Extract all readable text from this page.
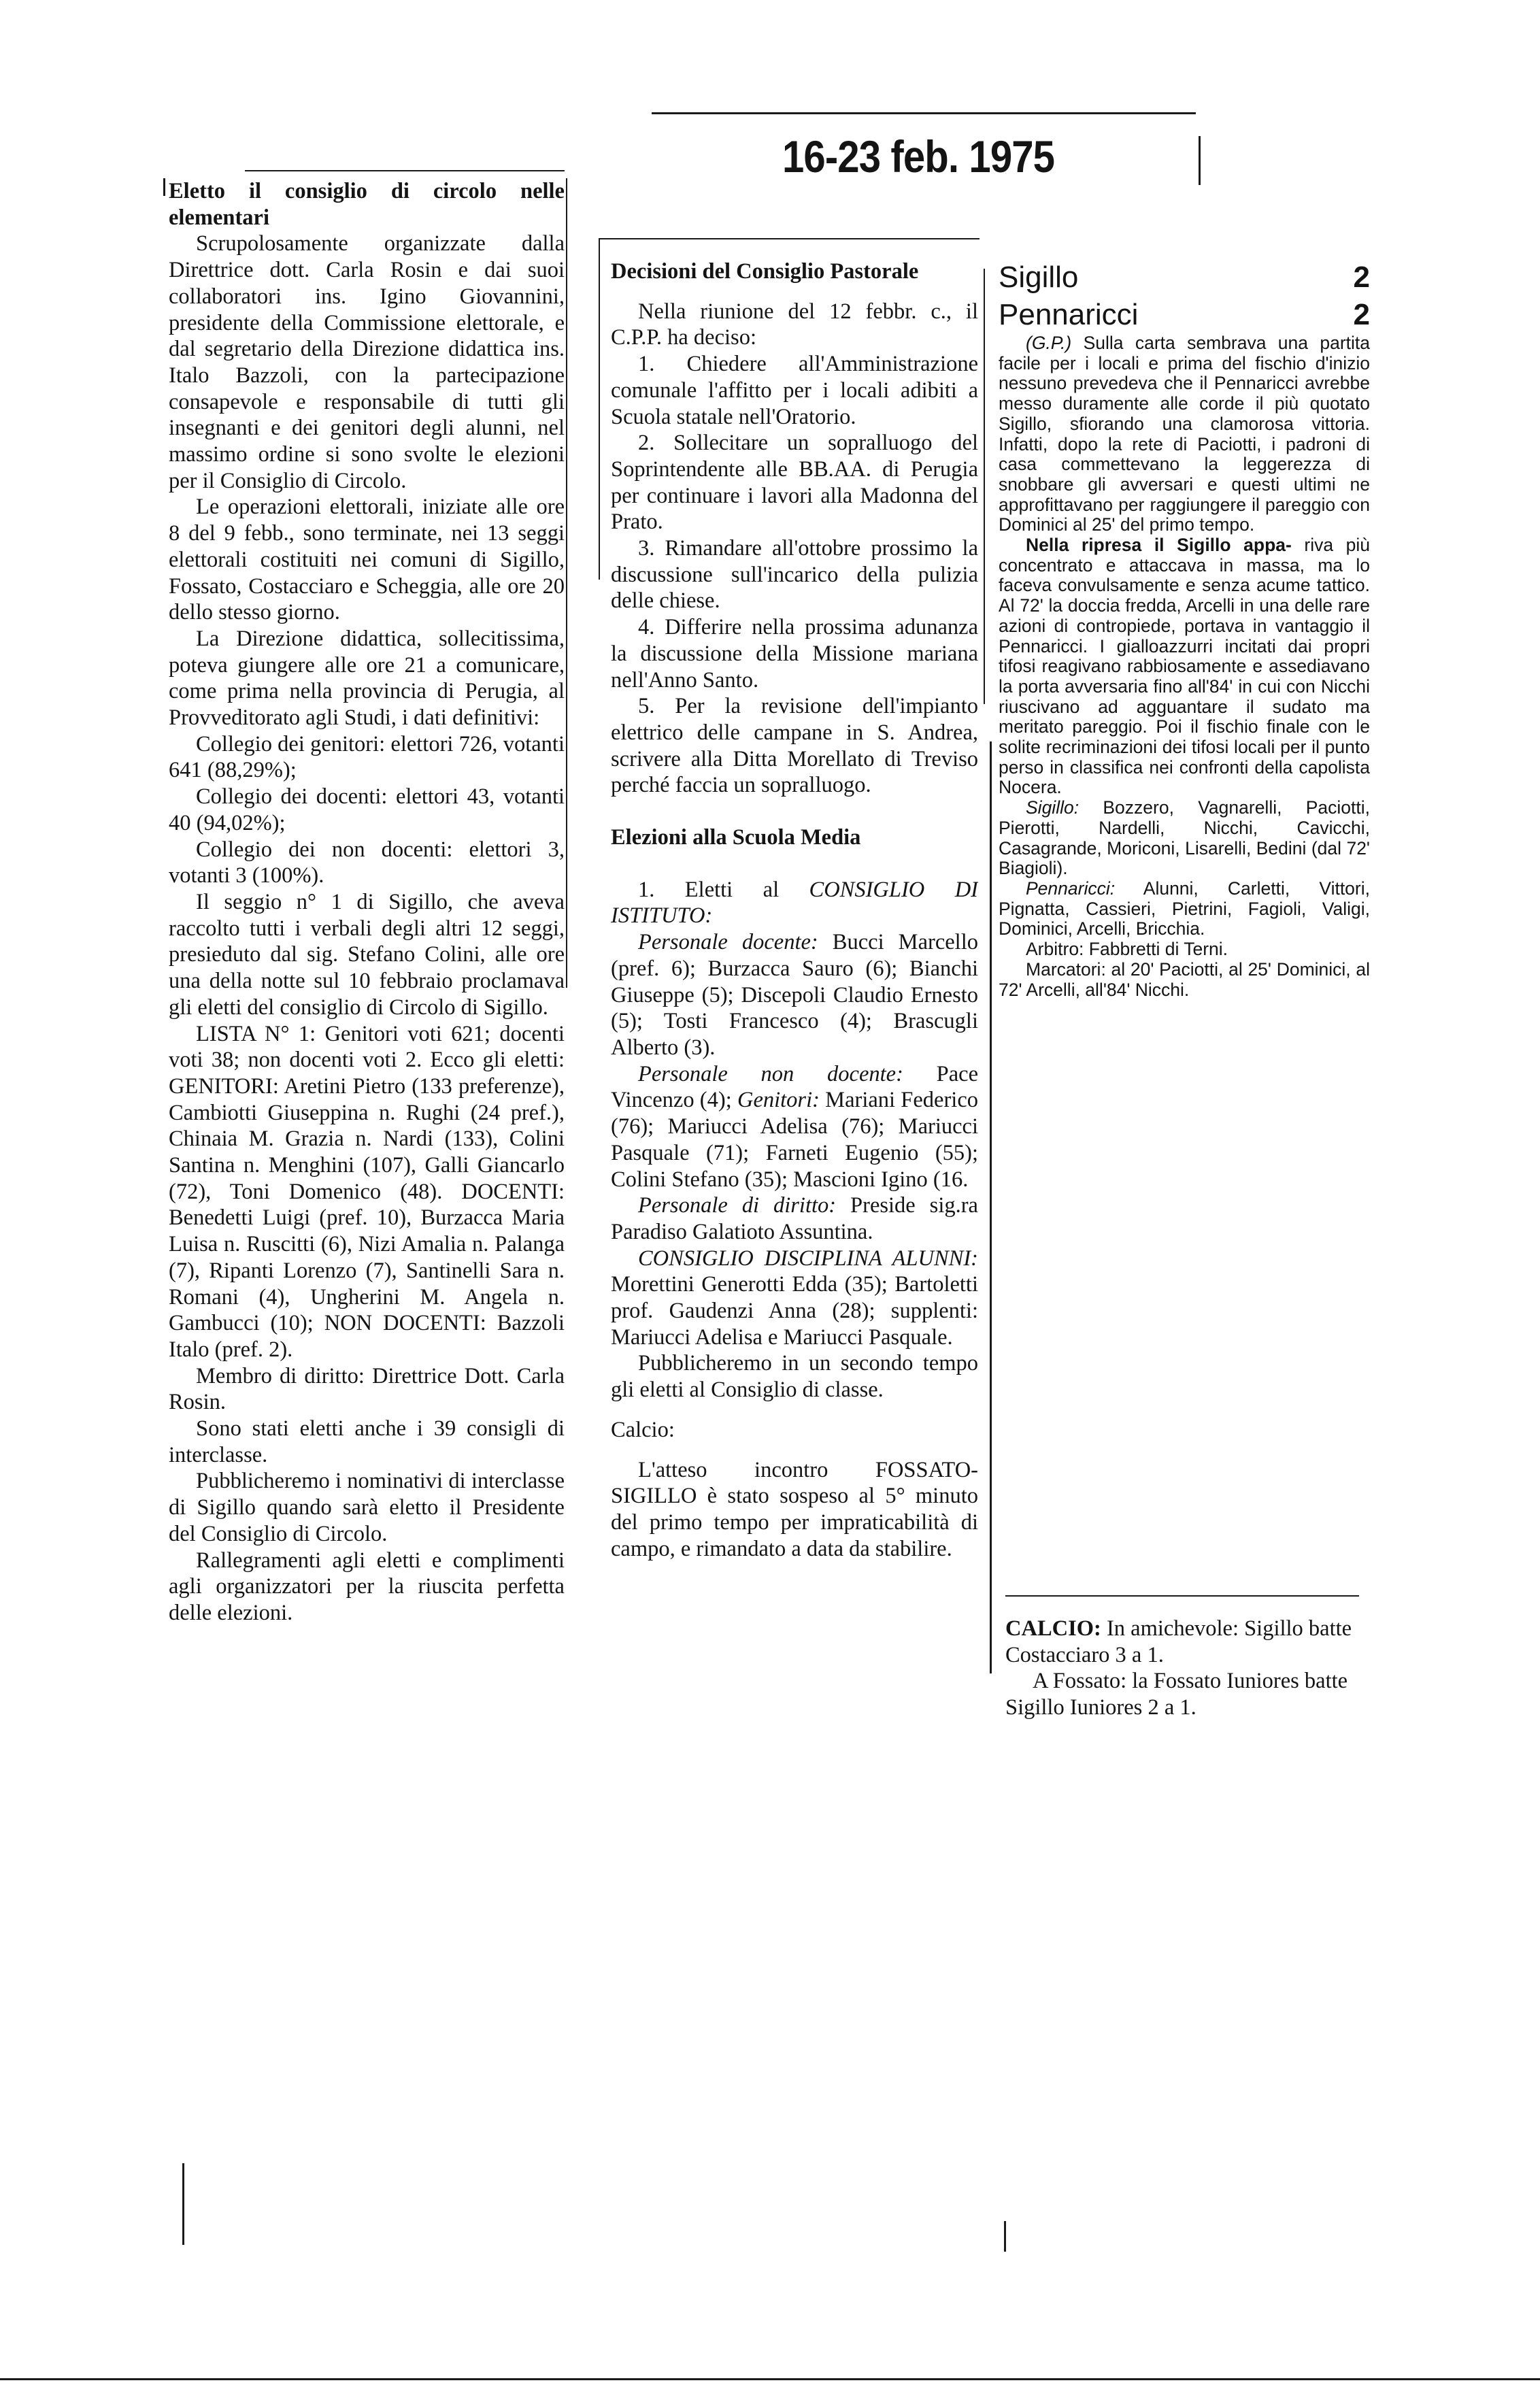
16-23 feb. 1975

Eletto il consiglio di circolo nelle elementari

Scrupolosamente organizzate dalla Direttrice dott. Carla Rosin e dai suoi collaboratori ins. Igino Giovannini, presidente della Commissione elettorale, e dal segretario della Direzione didattica ins. Italo Bazzoli, con la partecipazione consapevole e responsabile di tutti gli insegnanti e dei genitori degli alunni, nel massimo ordine si sono svolte le elezioni per il Consiglio di Circolo.

Le operazioni elettorali, iniziate alle ore 8 del 9 febb., sono terminate, nei 13 seggi elettorali costituiti nei comuni di Sigillo, Fossato, Costacciaro e Scheggia, alle ore 20 dello stesso giorno.

La Direzione didattica, sollecitissima, poteva giungere alle ore 21 a comunicare, come prima nella provincia di Perugia, al Provveditorato agli Studi, i dati definitivi:

Collegio dei genitori: elettori 726, votanti 641 (88,29%);

Collegio dei docenti: elettori 43, votanti 40 (94,02%);

Collegio dei non docenti: elettori 3, votanti 3 (100%).

Il seggio n° 1 di Sigillo, che aveva raccolto tutti i verbali degli altri 12 seggi, presieduto dal sig. Stefano Colini, alle ore una della notte sul 10 febbraio proclamava gli eletti del consiglio di Circolo di Sigillo.

LISTA N° 1: Genitori voti 621; docenti voti 38; non docenti voti 2. Ecco gli eletti: GENITORI: Aretini Pietro (133 preferenze), Cambiotti Giuseppina n. Rughi (24 pref.), Chinaia M. Grazia n. Nardi (133), Colini Santina n. Menghini (107), Galli Giancarlo (72), Toni Domenico (48). DOCENTI: Benedetti Luigi (pref. 10), Burzacca Maria Luisa n. Ruscitti (6), Nizi Amalia n. Palanga (7), Ripanti Lorenzo (7), Santinelli Sara n. Romani (4), Ungherini M. Angela n. Gambucci (10); NON DOCENTI: Bazzoli Italo (pref. 2).

Membro di diritto: Direttrice Dott. Carla Rosin.

Sono stati eletti anche i 39 consigli di interclasse.

Pubblicheremo i nominativi di interclasse di Sigillo quando sarà eletto il Presidente del Consiglio di Circolo.

Rallegramenti agli eletti e complimenti agli organizzatori per la riuscita perfetta delle elezioni.

Decisioni del Consiglio Pastorale

Nella riunione del 12 febbr. c., il C.P.P. ha deciso:

1. Chiedere all'Amministrazione comunale l'affitto per i locali adibiti a Scuola statale nell'Oratorio.

2. Sollecitare un sopralluogo del Soprintendente alle BB.AA. di Perugia per continuare i lavori alla Madonna del Prato.

3. Rimandare all'ottobre prossimo la discussione sull'incarico della pulizia delle chiese.

4. Differire nella prossima adunanza la discussione della Missione mariana nell'Anno Santo.

5. Per la revisione dell'impianto elettrico delle campane in S. Andrea, scrivere alla Ditta Morellato di Treviso perché faccia un sopralluogo.

Elezioni alla Scuola Media

1. Eletti al CONSIGLIO DI ISTITUTO:

Personale docente: Bucci Marcello (pref. 6); Burzacca Sauro (6); Bianchi Giuseppe (5); Discepoli Claudio Ernesto (5); Tosti Francesco (4); Brascugli Alberto (3).

Personale non docente: Pace Vincenzo (4); Genitori: Mariani Federico (76); Mariucci Adelisa (76); Mariucci Pasquale (71); Farneti Eugenio (55); Colini Stefano (35); Mascioni Igino (16.

Personale di diritto: Preside sig.ra Paradiso Galatioto Assuntina.

CONSIGLIO DISCIPLINA ALUNNI: Morettini Generotti Edda (35); Bartoletti prof. Gaudenzi Anna (28); supplenti: Mariucci Adelisa e Mariucci Pasquale.

Pubblicheremo in un secondo tempo gli eletti al Consiglio di classe.

Calcio:

L'atteso incontro FOSSATO-SIGILLO è stato sospeso al 5° minuto del primo tempo per impraticabilità di campo, e rimandato a data da stabilire.

Sigillo	2
Pennaricci	2

(G.P.) Sulla carta sembrava una partita facile per i locali e prima del fischio d'inizio nessuno prevedeva che il Pennaricci avrebbe messo duramente alle corde il più quotato Sigillo, sfiorando una clamorosa vittoria. Infatti, dopo la rete di Paciotti, i padroni di casa commettevano la leggerezza di snobbare gli avversari e questi ultimi ne approfittavano per raggiungere il pareggio con Dominici al 25' del primo tempo.

Nella ripresa il Sigillo appa- riva più concentrato e attaccava in massa, ma lo faceva convulsamente e senza acume tattico. Al 72' la doccia fredda, Arcelli in una delle rare azioni di contropiede, portava in vantaggio il Pennaricci. I gialloazzurri incitati dai propri tifosi reagivano rabbiosamente e assediavano la porta avversaria fino all'84' in cui con Nicchi riuscivano ad agguantare il sudato ma meritato pareggio. Poi il fischio finale con le solite recriminazioni dei tifosi locali per il punto perso in classifica nei confronti della capolista Nocera.

Sigillo: Bozzero, Vagnarelli, Paciotti, Pierotti, Nardelli, Nicchi, Cavicchi, Casagrande, Moriconi, Lisarelli, Bedini (dal 72' Biagioli).

Pennaricci: Alunni, Carletti, Vittori, Pignatta, Cassieri, Pietrini, Fagioli, Valigi, Dominici, Arcelli, Bricchia.

Arbitro: Fabbretti di Terni.

Marcatori: al 20' Paciotti, al 25' Dominici, al 72' Arcelli, all'84' Nicchi.

CALCIO: In amichevole: Sigillo batte Costacciaro 3 a 1.

A Fossato: la Fossato Iuniores batte Sigillo Iuniores 2 a 1.
